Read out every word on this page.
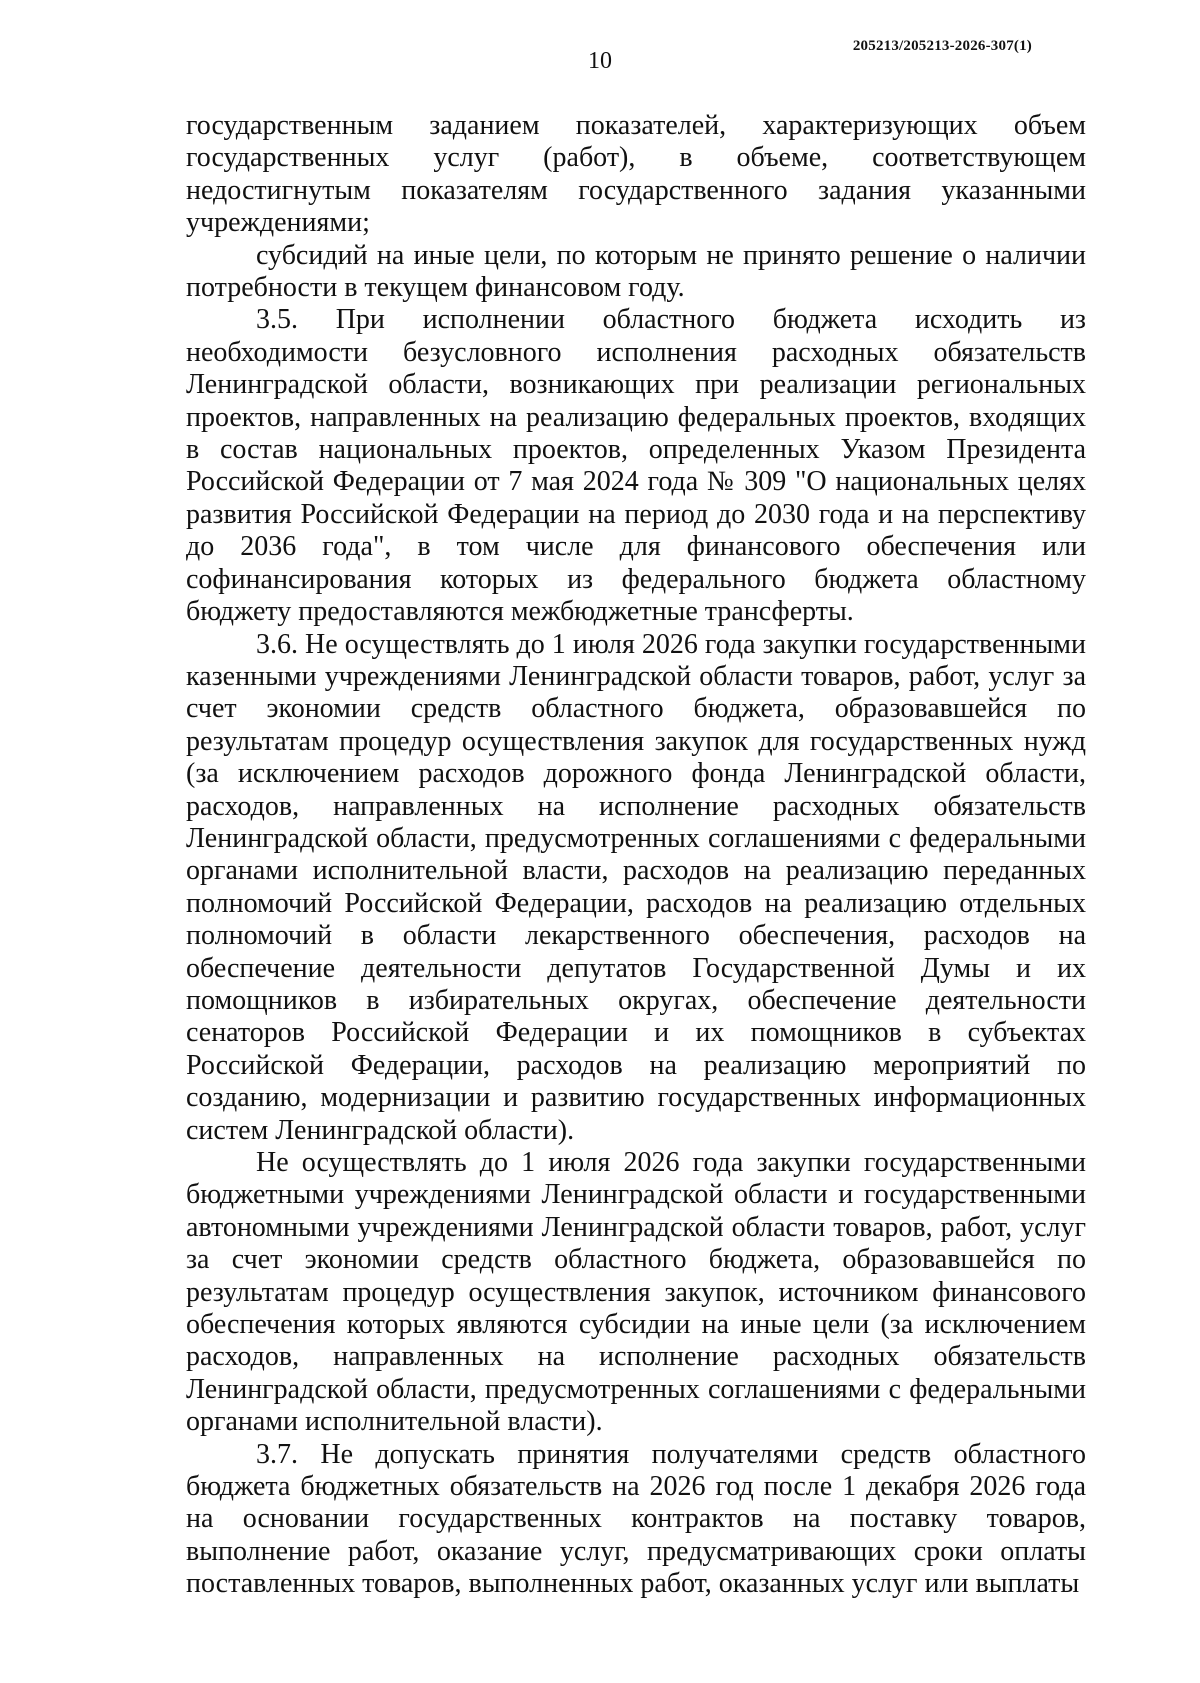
205213/205213-2026-307(1)
10

государственным заданием показателей, характеризующих объем государственных услуг (работ), в объеме, соответствующем недостигнутым показателям государственного задания указанными учреждениями;

субсидий на иные цели, по которым не принято решение о наличии потребности в текущем финансовом году.

3.5. При исполнении областного бюджета исходить из необходимости безусловного исполнения расходных обязательств Ленинградской области, возникающих при реализации региональных проектов, направленных на реализацию федеральных проектов, входящих в состав национальных проектов, определенных Указом Президента Российской Федерации от 7 мая 2024 года № 309 "О национальных целях развития Российской Федерации на период до 2030 года и на перспективу до 2036 года", в том числе для финансового обеспечения или софинансирования которых из федерального бюджета областному бюджету предоставляются межбюджетные трансферты.

3.6. Не осуществлять до 1 июля 2026 года закупки государственными казенными учреждениями Ленинградской области товаров, работ, услуг за счет экономии средств областного бюджета, образовавшейся по результатам процедур осуществления закупок для государственных нужд (за исключением расходов дорожного фонда Ленинградской области, расходов, направленных на исполнение расходных обязательств Ленинградской области, предусмотренных соглашениями с федеральными органами исполнительной власти, расходов на реализацию переданных полномочий Российской Федерации, расходов на реализацию отдельных полномочий в области лекарственного обеспечения, расходов на обеспечение деятельности депутатов Государственной Думы и их помощников в избирательных округах, обеспечение деятельности сенаторов Российской Федерации и их помощников в субъектах Российской Федерации, расходов на реализацию мероприятий по созданию, модернизации и развитию государственных информационных систем Ленинградской области).

Не осуществлять до 1 июля 2026 года закупки государственными бюджетными учреждениями Ленинградской области и государственными автономными учреждениями Ленинградской области товаров, работ, услуг за счет экономии средств областного бюджета, образовавшейся по результатам процедур осуществления закупок, источником финансового обеспечения которых являются субсидии на иные цели (за исключением расходов, направленных на исполнение расходных обязательств Ленинградской области, предусмотренных соглашениями с федеральными органами исполнительной власти).

3.7. Не допускать принятия получателями средств областного бюджета бюджетных обязательств на 2026 год после 1 декабря 2026 года на основании государственных контрактов на поставку товаров, выполнение работ, оказание услуг, предусматривающих сроки оплаты поставленных товаров, выполненных работ, оказанных услуг или выплаты
